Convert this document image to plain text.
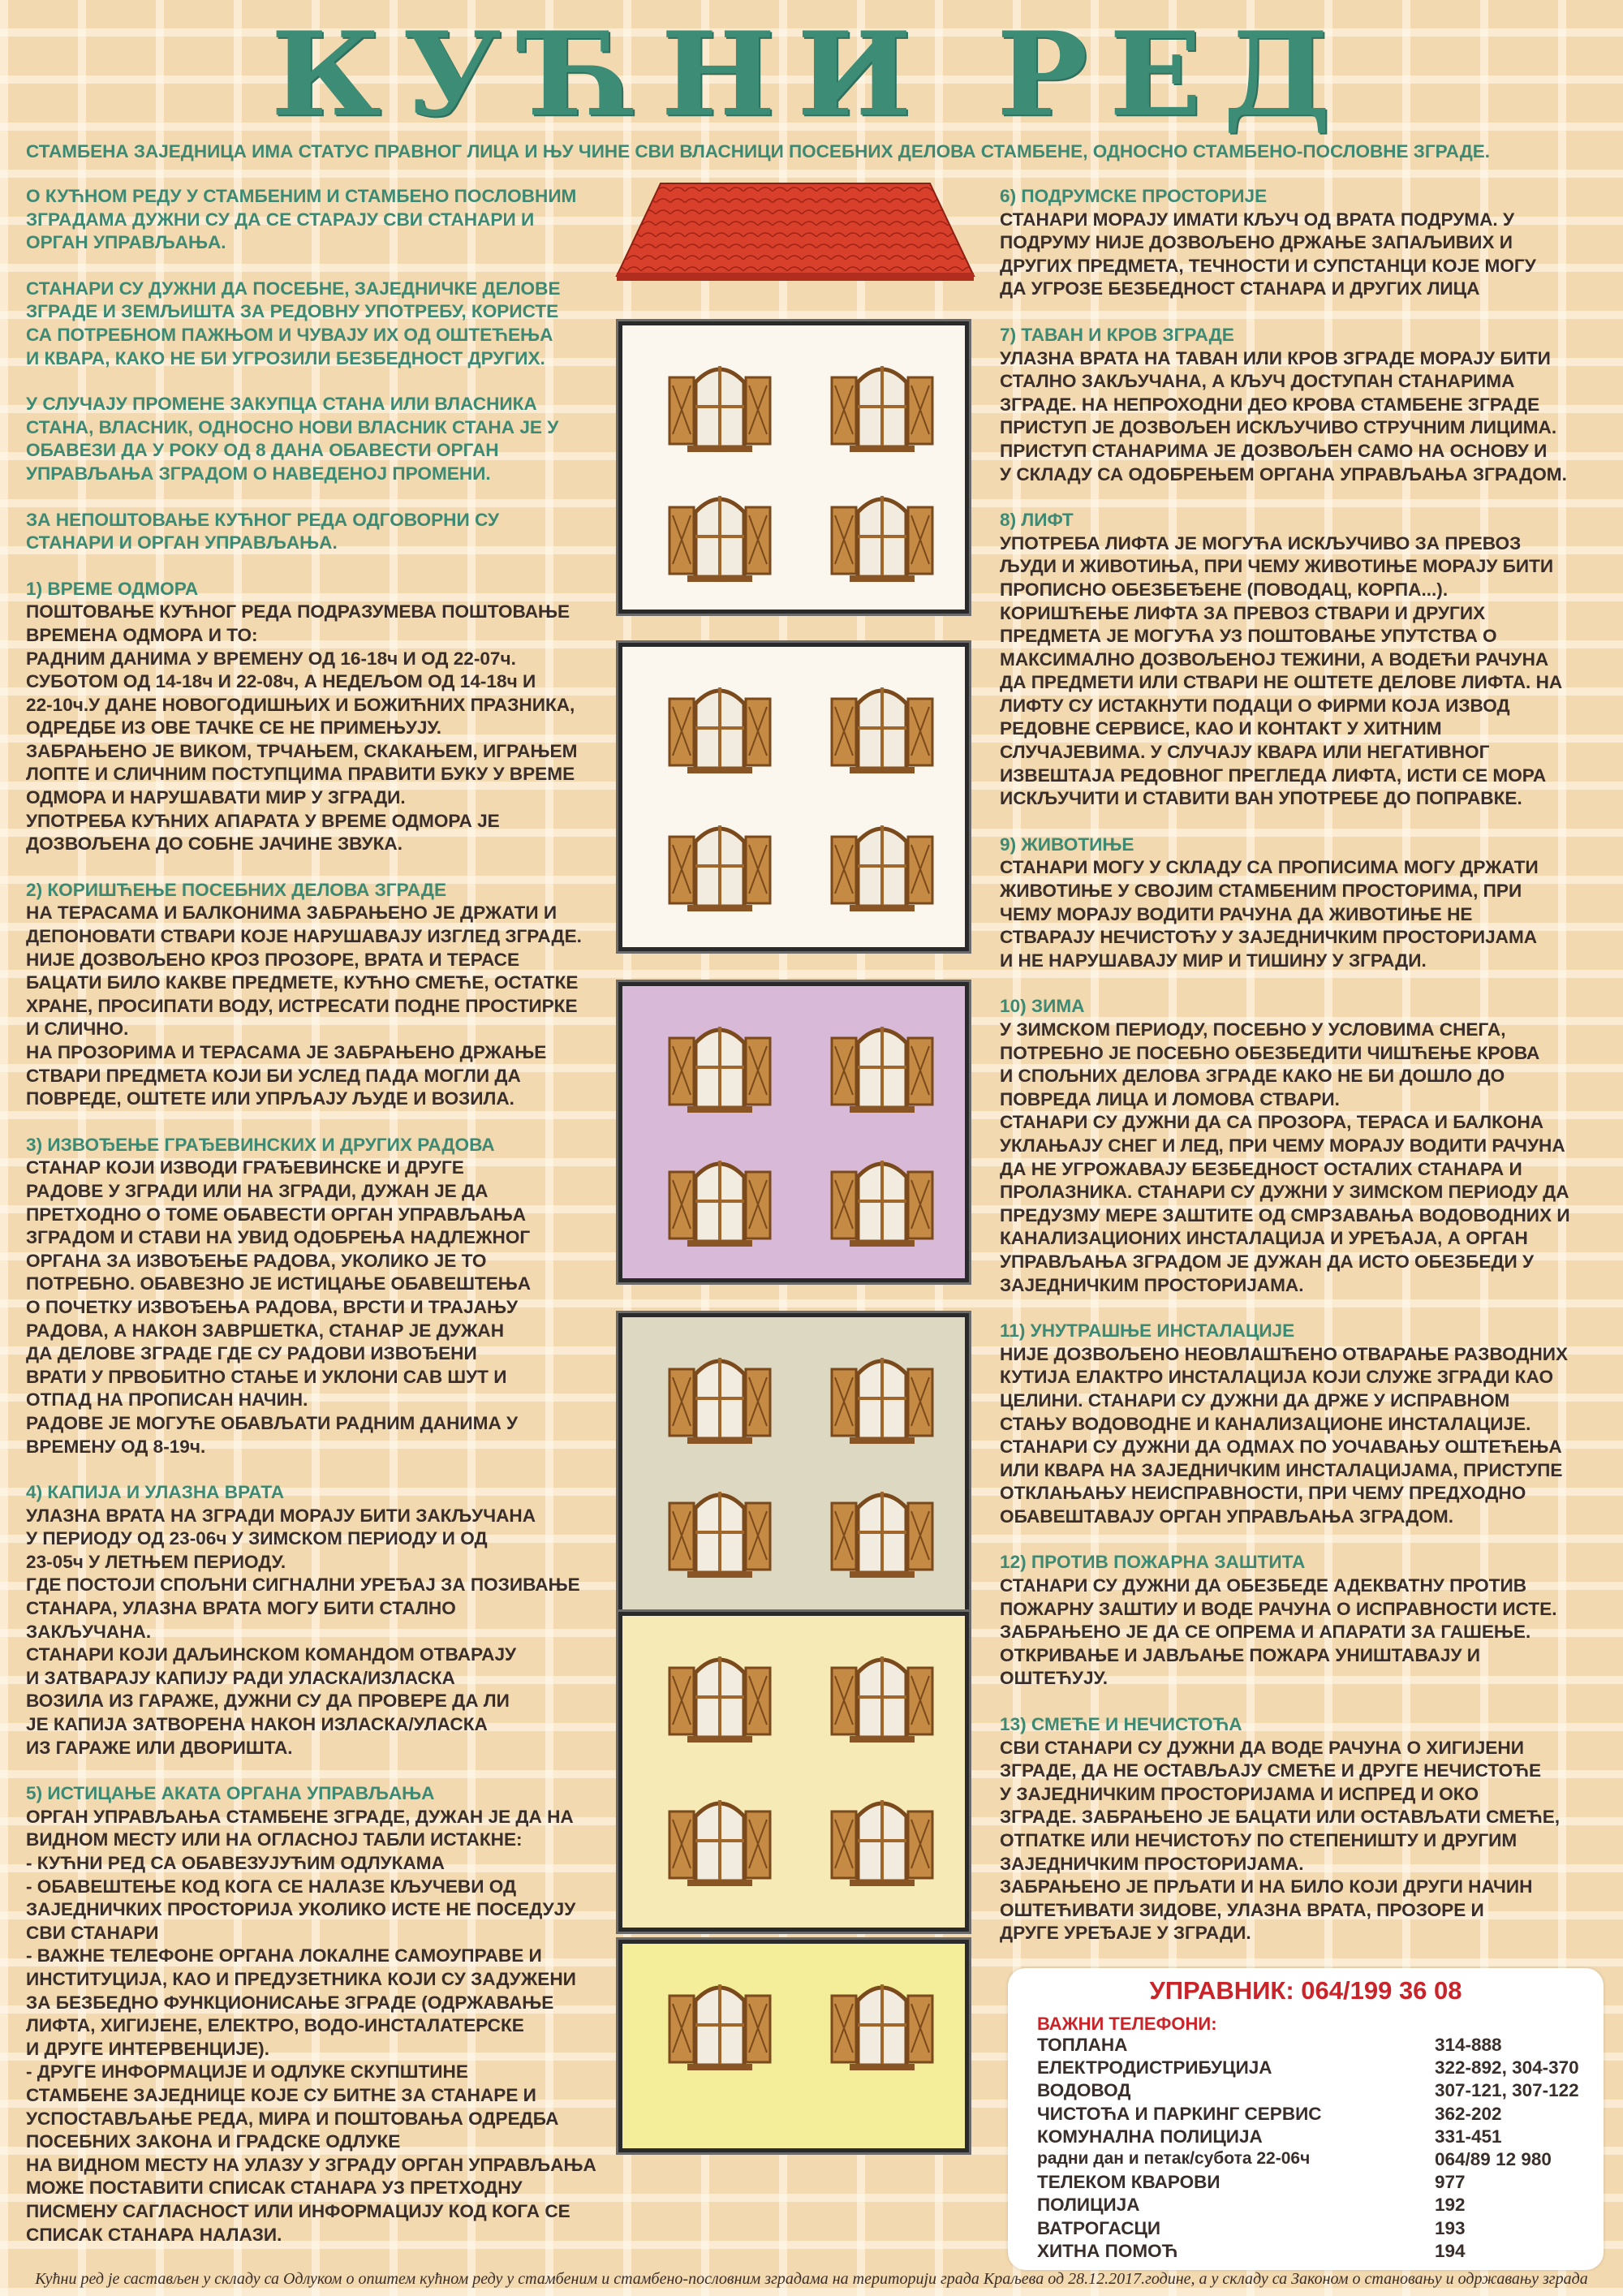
КУЋНИ РЕД
СТАМБЕНА ЗАЈЕДНИЦА ИМА СТАТУС ПРАВНОГ ЛИЦА И ЊУ ЧИНЕ СВИ ВЛАСНИЦИ ПОСЕБНИХ ДЕЛОВА СТАМБЕНЕ, ОДНОСНО СТАМБЕНО-ПОСЛОВНЕ ЗГРАДЕ.

О КУЋНОМ РЕДУ У СТАМБЕНИМ И СТАМБЕНО ПОСЛОВНИМ
ЗГРАДАМА ДУЖНИ СУ ДА СЕ СТАРАЈУ СВИ СТАНАРИ И
ОРГАН УПРАВЉАЊА.

СТАНАРИ СУ ДУЖНИ ДА ПОСЕБНЕ, ЗАЈЕДНИЧКЕ ДЕЛОВЕ
ЗГРАДЕ И ЗЕМЉИШТА ЗА РЕДОВНУ УПОТРЕБУ, КОРИСТЕ
СА ПОТРЕБНОМ ПАЖЊОМ И ЧУВАЈУ ИХ ОД ОШТЕЋЕЊА
И КВАРА, КАКО НЕ БИ УГРОЗИЛИ БЕЗБЕДНОСТ ДРУГИХ.

У СЛУЧАЈУ ПРОМЕНЕ ЗАКУПЦА СТАНА ИЛИ ВЛАСНИКА
СТАНА, ВЛАСНИК, ОДНОСНО НОВИ ВЛАСНИК СТАНА ЈЕ У
ОБАВЕЗИ ДА У РОКУ ОД 8 ДАНА ОБАВЕСТИ ОРГАН
УПРАВЉАЊА ЗГРАДОМ О НАВЕДЕНОЈ ПРОМЕНИ.

ЗА НЕПОШТОВАЊЕ КУЋНОГ РЕДА ОДГОВОРНИ СУ
СТАНАРИ И ОРГАН УПРАВЉАЊА.

1) ВРЕМЕ ОДМОРА

ПОШТОВАЊЕ КУЋНОГ РЕДА ПОДРАЗУМЕВА ПОШТОВАЊЕ
ВРЕМЕНА ОДМОРА И ТО:
РАДНИМ ДАНИМА У ВРЕМЕНУ ОД 16-18ч И ОД 22-07ч.
СУБОТОМ ОД 14-18ч И 22-08ч, А НЕДЕЉОМ ОД 14-18ч И
22-10ч.У ДАНЕ НОВОГОДИШЊИХ И БОЖИЋНИХ ПРАЗНИКА,
ОДРЕДБЕ ИЗ ОВЕ ТАЧКЕ СЕ НЕ ПРИМЕЊУЈУ.
ЗАБРАЊЕНО ЈЕ ВИКОМ, ТРЧАЊЕМ, СКАКАЊЕМ, ИГРАЊЕМ
ЛОПТЕ И СЛИЧНИМ ПОСТУПЦИМА ПРАВИТИ БУКУ У ВРЕМЕ
ОДМОРА И НАРУШАВАТИ МИР У ЗГРАДИ.
УПОТРЕБА КУЋНИХ АПАРАТА У ВРЕМЕ ОДМОРА ЈЕ
ДОЗВОЉЕНА ДО СОБНЕ ЈАЧИНЕ ЗВУКА.

2) КОРИШЋЕЊЕ ПОСЕБНИХ ДЕЛОВА ЗГРАДЕ

НА ТЕРАСАМА И БАЛКОНИМА ЗАБРАЊЕНО ЈЕ ДРЖАТИ И
ДЕПОНОВАТИ СТВАРИ КОЈЕ НАРУШАВАЈУ ИЗГЛЕД ЗГРАДЕ.
НИЈЕ ДОЗВОЉЕНО КРОЗ ПРОЗОРЕ, ВРАТА И ТЕРАСЕ
БАЦАТИ БИЛО КАКВЕ ПРЕДМЕТЕ, КУЋНО СМЕЋЕ, ОСТАТКЕ
ХРАНЕ, ПРОСИПАТИ ВОДУ, ИСТРЕСАТИ ПОДНЕ ПРОСТИРКЕ
И СЛИЧНО.
НА ПРОЗОРИМА И ТЕРАСАМА ЈЕ ЗАБРАЊЕНО ДРЖАЊЕ
СТВАРИ ПРЕДМЕТА КОЈИ БИ УСЛЕД ПАДА МОГЛИ ДА
ПОВРЕДЕ, ОШТЕТЕ ИЛИ УПРЉАЈУ ЉУДЕ И ВОЗИЛА.

3) ИЗВОЂЕЊЕ ГРАЂЕВИНСКИХ И ДРУГИХ РАДОВА

СТАНАР КОЈИ ИЗВОДИ ГРАЂЕВИНСКЕ И ДРУГЕ
РАДОВЕ У ЗГРАДИ ИЛИ НА ЗГРАДИ, ДУЖАН ЈЕ ДА
ПРЕТХОДНО О ТОМЕ ОБАВЕСТИ ОРГАН УПРАВЉАЊА
ЗГРАДОМ И СТАВИ НА УВИД ОДОБРЕЊА НАДЛЕЖНОГ
ОРГАНА ЗА ИЗВОЂЕЊЕ РАДОВА, УКОЛИКО ЈЕ ТО
ПОТРЕБНО. ОБАВЕЗНО ЈЕ ИСТИЦАЊЕ ОБАВЕШТЕЊА
О ПОЧЕТКУ ИЗВОЂЕЊА РАДОВА, ВРСТИ И ТРАЈАЊУ
РАДОВА, А НАКОН ЗАВРШЕТКА, СТАНАР ЈЕ ДУЖАН
ДА ДЕЛОВЕ ЗГРАДЕ ГДЕ СУ РАДОВИ ИЗВОЂЕНИ
ВРАТИ У ПРВОБИТНО СТАЊЕ И УКЛОНИ САВ ШУТ И
ОТПАД НА ПРОПИСАН НАЧИН.
РАДОВЕ ЈЕ МОГУЋЕ ОБАВЉАТИ РАДНИМ ДАНИМА У
ВРЕМЕНУ ОД 8-19ч.

4) КАПИЈА И УЛАЗНА ВРАТА

УЛАЗНА ВРАТА НА ЗГРАДИ МОРАЈУ БИТИ ЗАКЉУЧАНА
У ПЕРИОДУ ОД 23-06ч У ЗИМСКОМ ПЕРИОДУ И ОД
23-05ч У ЛЕТЊЕМ ПЕРИОДУ.
ГДЕ ПОСТОЈИ СПОЉНИ СИГНАЛНИ УРЕЂАЈ ЗА ПОЗИВАЊЕ
СТАНАРА, УЛАЗНА ВРАТА МОГУ БИТИ СТАЛНО
ЗАКЉУЧАНА.
СТАНАРИ КОЈИ ДАЉИНСКОМ КОМАНДОМ ОТВАРАЈУ
И ЗАТВАРАЈУ КАПИЈУ РАДИ УЛАСКА/ИЗЛАСКА
ВОЗИЛА ИЗ ГАРАЖЕ, ДУЖНИ СУ ДА ПРОВЕРЕ ДА ЛИ
ЈЕ КАПИЈА ЗАТВОРЕНА НАКОН ИЗЛАСКА/УЛАСКА
ИЗ ГАРАЖЕ ИЛИ ДВОРИШТА.

5) ИСТИЦАЊЕ АКАТА ОРГАНА УПРАВЉАЊА

ОРГАН УПРАВЉАЊА СТАМБЕНЕ ЗГРАДЕ, ДУЖАН ЈЕ ДА НА
ВИДНОМ МЕСТУ ИЛИ НА ОГЛАСНОЈ ТАБЛИ ИСТАКНЕ:
- КУЋНИ РЕД СА ОБАВЕЗУЈУЋИМ ОДЛУКАМА
- ОБАВЕШТЕЊЕ КОД КОГА СЕ НАЛАЗЕ КЉУЧЕВИ ОД
ЗАЈЕДНИЧКИХ ПРОСТОРИЈА УКОЛИКО ИСТЕ НЕ ПОСЕДУЈУ
СВИ СТАНАРИ
- ВАЖНЕ ТЕЛЕФОНЕ ОРГАНА ЛОКАЛНЕ САМОУПРАВЕ И
ИНСТИТУЦИЈА, КАО И ПРЕДУЗЕТНИКА КОЈИ СУ ЗАДУЖЕНИ
ЗА БЕЗБЕДНО ФУНКЦИОНИСАЊЕ ЗГРАДЕ (ОДРЖАВАЊЕ
ЛИФТА, ХИГИЈЕНЕ, ЕЛЕКТРО, ВОДО-ИНСТАЛАТЕРСКЕ
И ДРУГЕ ИНТЕРВЕНЦИЈЕ).
- ДРУГЕ ИНФОРМАЦИЈЕ И ОДЛУКЕ СКУПШТИНЕ
СТАМБЕНЕ ЗАЈЕДНИЦЕ КОЈЕ СУ БИТНЕ ЗА СТАНАРЕ И
УСПОСТАВЉАЊЕ РЕДА, МИРА И ПОШТОВАЊА ОДРЕДБА
ПОСЕБНИХ ЗАКОНА И ГРАДСКЕ ОДЛУКЕ
НА ВИДНОМ МЕСТУ НА УЛАЗУ У ЗГРАДУ ОРГАН УПРАВЉАЊА
МОЖЕ ПОСТАВИТИ СПИСАК СТАНАРА УЗ ПРЕТХОДНУ
ПИСМЕНУ САГЛАСНОСТ ИЛИ ИНФОРМАЦИЈУ КОД КОГА СЕ
СПИСАК СТАНАРА НАЛАЗИ.

6) ПОДРУМСКЕ ПРОСТОРИЈЕ

СТАНАРИ МОРАЈУ ИМАТИ КЉУЧ ОД ВРАТА ПОДРУМА. У
ПОДРУМУ НИЈЕ ДОЗВОЉЕНО ДРЖАЊЕ ЗАПАЉИВИХ И
ДРУГИХ ПРЕДМЕТА, ТЕЧНОСТИ И СУПСТАНЦИ КОЈЕ МОГУ
ДА УГРОЗЕ БЕЗБЕДНОСТ СТАНАРА И ДРУГИХ ЛИЦА

7) ТАВАН И КРОВ ЗГРАДЕ

УЛАЗНА ВРАТА НА ТАВАН ИЛИ КРОВ ЗГРАДЕ МОРАЈУ БИТИ
СТАЛНО ЗАКЉУЧАНА, А КЉУЧ ДОСТУПАН СТАНАРИМА
ЗГРАДЕ. НА НЕПРОХОДНИ ДЕО КРОВА СТАМБЕНЕ ЗГРАДЕ
ПРИСТУП ЈЕ ДОЗВОЉЕН ИСКЉУЧИВО СТРУЧНИМ ЛИЦИМА.
ПРИСТУП СТАНАРИМА ЈЕ ДОЗВОЉЕН САМО НА ОСНОВУ И
У СКЛАДУ СА ОДОБРЕЊЕМ ОРГАНА УПРАВЉАЊА ЗГРАДОМ.

8) ЛИФТ

УПОТРЕБА ЛИФТА ЈЕ МОГУЋА ИСКЉУЧИВО ЗА ПРЕВОЗ
ЉУДИ И ЖИВОТИЊА, ПРИ ЧЕМУ ЖИВОТИЊЕ МОРАЈУ БИТИ
ПРОПИСНО ОБЕЗБЕЂЕНЕ (ПОВОДАЦ, КОРПА...).
КОРИШЋЕЊЕ ЛИФТА ЗА ПРЕВОЗ СТВАРИ И ДРУГИХ
ПРЕДМЕТА ЈЕ МОГУЋА УЗ ПОШТОВАЊЕ УПУТСТВА О
МАКСИМАЛНО ДОЗВОЉЕНОЈ ТЕЖИНИ, А ВОДЕЋИ РАЧУНА
ДА ПРЕДМЕТИ ИЛИ СТВАРИ НЕ ОШТЕТЕ ДЕЛОВЕ ЛИФТА. НА
ЛИФТУ СУ ИСТАКНУТИ ПОДАЦИ О ФИРМИ КОЈА ИЗВОД
РЕДОВНЕ СЕРВИСЕ, КАО И КОНТАКТ У ХИТНИМ
СЛУЧАЈЕВИМА. У СЛУЧАЈУ КВАРА ИЛИ НЕГАТИВНОГ
ИЗВЕШТАЈА РЕДОВНОГ ПРЕГЛЕДА ЛИФТА, ИСТИ СЕ МОРА
ИСКЉУЧИТИ И СТАВИТИ ВАН УПОТРЕБЕ ДО ПОПРАВКЕ.

9) ЖИВОТИЊЕ

СТАНАРИ МОГУ У СКЛАДУ СА ПРОПИСИМА МОГУ ДРЖАТИ
ЖИВОТИЊЕ У СВОЈИМ СТАМБЕНИМ ПРОСТОРИМА, ПРИ
ЧЕМУ МОРАЈУ ВОДИТИ РАЧУНА ДА ЖИВОТИЊЕ НЕ
СТВАРАЈУ НЕЧИСТОЋУ У ЗАЈЕДНИЧКИМ ПРОСТОРИЈАМА
И НЕ НАРУШАВАЈУ МИР И ТИШИНУ У ЗГРАДИ.

10) ЗИМА

У ЗИМСКОМ ПЕРИОДУ, ПОСЕБНО У УСЛОВИМА СНЕГА,
ПОТРЕБНО ЈЕ ПОСЕБНО ОБЕЗБЕДИТИ ЧИШЋЕЊЕ КРОВА
И СПОЉНИХ ДЕЛОВА ЗГРАДЕ КАКО НЕ БИ ДОШЛО ДО
ПОВРЕДА ЛИЦА И ЛОМОВА СТВАРИ.
СТАНАРИ СУ ДУЖНИ ДА СА ПРОЗОРА, ТЕРАСА И БАЛКОНА
УКЛАЊАЈУ СНЕГ И ЛЕД, ПРИ ЧЕМУ МОРАЈУ ВОДИТИ РАЧУНА
ДА НЕ УГРОЖАВАЈУ БЕЗБЕДНОСТ ОСТАЛИХ СТАНАРА И
ПРОЛАЗНИКА. СТАНАРИ СУ ДУЖНИ У ЗИМСКОМ ПЕРИОДУ ДА
ПРЕДУЗМУ МЕРЕ ЗАШТИТЕ ОД СМРЗАВАЊА ВОДОВОДНИХ И
КАНАЛИЗАЦИОНИХ ИНСТАЛАЦИЈА И УРЕЂАЈА, А ОРГАН
УПРАВЉАЊА ЗГРАДОМ ЈЕ ДУЖАН ДА ИСТО ОБЕЗБЕДИ У
ЗАЈЕДНИЧКИМ ПРОСТОРИЈАМА.

11) УНУТРАШЊЕ ИНСТАЛАЦИЈЕ

НИЈЕ ДОЗВОЉЕНО НЕОВЛАШЋЕНО ОТВАРАЊЕ РАЗВОДНИХ
КУТИЈА ЕЛАКТРО ИНСТАЛАЦИЈА КОЈИ СЛУЖЕ ЗГРАДИ КАО
ЦЕЛИНИ. СТАНАРИ СУ ДУЖНИ ДА ДРЖЕ У ИСПРАВНОМ
СТАЊУ ВОДОВОДНЕ И КАНАЛИЗАЦИОНЕ ИНСТАЛАЦИЈЕ.
СТАНАРИ СУ ДУЖНИ ДА ОДМАХ ПО УОЧАВАЊУ ОШТЕЋЕЊА
ИЛИ КВАРА НА ЗАЈЕДНИЧКИМ ИНСТАЛАЦИЈАМА, ПРИСТУПЕ
ОТКЛАЊАЊУ НЕИСПРАВНОСТИ, ПРИ ЧЕМУ ПРЕДХОДНО
ОБАВЕШТАВАЈУ ОРГАН УПРАВЉАЊА ЗГРАДОМ.

12) ПРОТИВ ПОЖАРНА ЗАШТИТА

СТАНАРИ СУ ДУЖНИ ДА ОБЕЗБЕДЕ АДЕКВАТНУ ПРОТИВ
ПОЖАРНУ ЗАШТИУ И ВОДЕ РАЧУНА О ИСПРАВНОСТИ ИСТЕ.
ЗАБРАЊЕНО ЈЕ ДА СЕ ОПРЕМА И АПАРАТИ ЗА ГАШЕЊЕ.
ОТКРИВАЊЕ И ЈАВЉАЊЕ ПОЖАРА УНИШТАВАЈУ И
ОШТЕЋУЈУ.

13) СМЕЋЕ И НЕЧИСТОЋА

СВИ СТАНАРИ СУ ДУЖНИ ДА ВОДЕ РАЧУНА О ХИГИЈЕНИ
ЗГРАДЕ, ДА НЕ ОСТАВЉАЈУ СМЕЋЕ И ДРУГЕ НЕЧИСТОЋЕ
У ЗАЈЕДНИЧКИМ ПРОСТОРИЈАМА И ИСПРЕД И ОКО
ЗГРАДЕ. ЗАБРАЊЕНО ЈЕ БАЦАТИ ИЛИ ОСТАВЉАТИ СМЕЋЕ,
ОТПАТКЕ ИЛИ НЕЧИСТОЋУ ПО СТЕПЕНИШТУ И ДРУГИМ
ЗАЈЕДНИЧКИМ ПРОСТОРИЈАМА.
ЗАБРАЊЕНО ЈЕ ПРЉАТИ И НА БИЛО КОЈИ ДРУГИ НАЧИН
ОШТЕЋИВАТИ ЗИДОВЕ, УЛАЗНА ВРАТА, ПРОЗОРЕ И
ДРУГЕ УРЕЂАЈЕ У ЗГРАДИ.

УПРАВНИК: 064/199 36 08
ВАЖНИ ТЕЛЕФОНИ:
ТОПЛАНА	314-888
ЕЛЕКТРОДИСТРИБУЦИЈА	322-892, 304-370
ВОДОВОД	307-121, 307-122
ЧИСТОЋА И ПАРКИНГ СЕРВИС	362-202
КОМУНАЛНА ПОЛИЦИЈА	331-451
радни дан и петак/субота 22-06ч	064/89 12 980
ТЕЛЕКОМ КВАРОВИ	977
ПОЛИЦИЈА	192
ВАТРОГАСЦИ	193
ХИТНА ПОМОЋ	194
Кућни ред је састављен у складу са Одлуком о општем кућном реду у стамбеним и стамбено-пословним зградама на територији града Краљева од 28.12.2017.године, а у складу са Законом о становању и одржавању зграда
